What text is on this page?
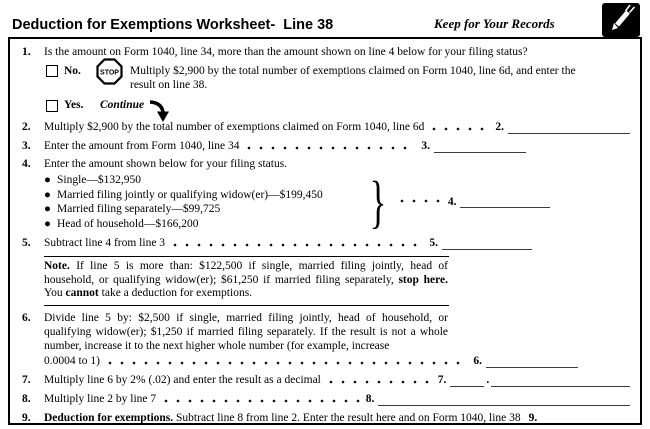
Deduction for Exemptions Worksheet-  Line 38	Keep for Your Records
1.	Is the amount on Form 1040, line 34, more than the amount shown on line 4 below for your filing status?
No.	STOP Multiply $2,900 by the total number of exemptions claimed on Form 1040, line 6d, and enter the result on line 38.
Yes.	Continue
2.	Multiply $2,900 by the total number of exemptions claimed on Form 1040, line 6d	2.
3.	Enter the amount from Form 1040, line 34	3.
4.	Enter the amount shown below for your filing status.
● Single—$132,950
● Married filing jointly or qualifying widow(er)—$199,450
● Married filing separately—$99,725
● Head of household—$166,200	}	4.
5.	Subtract line 4 from line 3	5.
Note. If line 5 is more than: $122,500 if single, married filing jointly, head of household, or qualifying widow(er); $61,250 if married filing separately, stop here. You cannot take a deduction for exemptions.
6.	Divide line 5 by: $2,500 if single, married filing jointly, head of household, or qualifying widow(er); $1,250 if married filing separately. If the result is not a whole number, increase it to the next higher whole number (for example, increase
0.0004 to 1)	6.
7.	Multiply line 6 by 2% (.02) and enter the result as a decimal	7.	.
8.	Multiply line 2 by line 7	8.
9.	Deduction for exemptions. Subtract line 8 from line 2. Enter the result here and on Form 1040, line 38 9.
